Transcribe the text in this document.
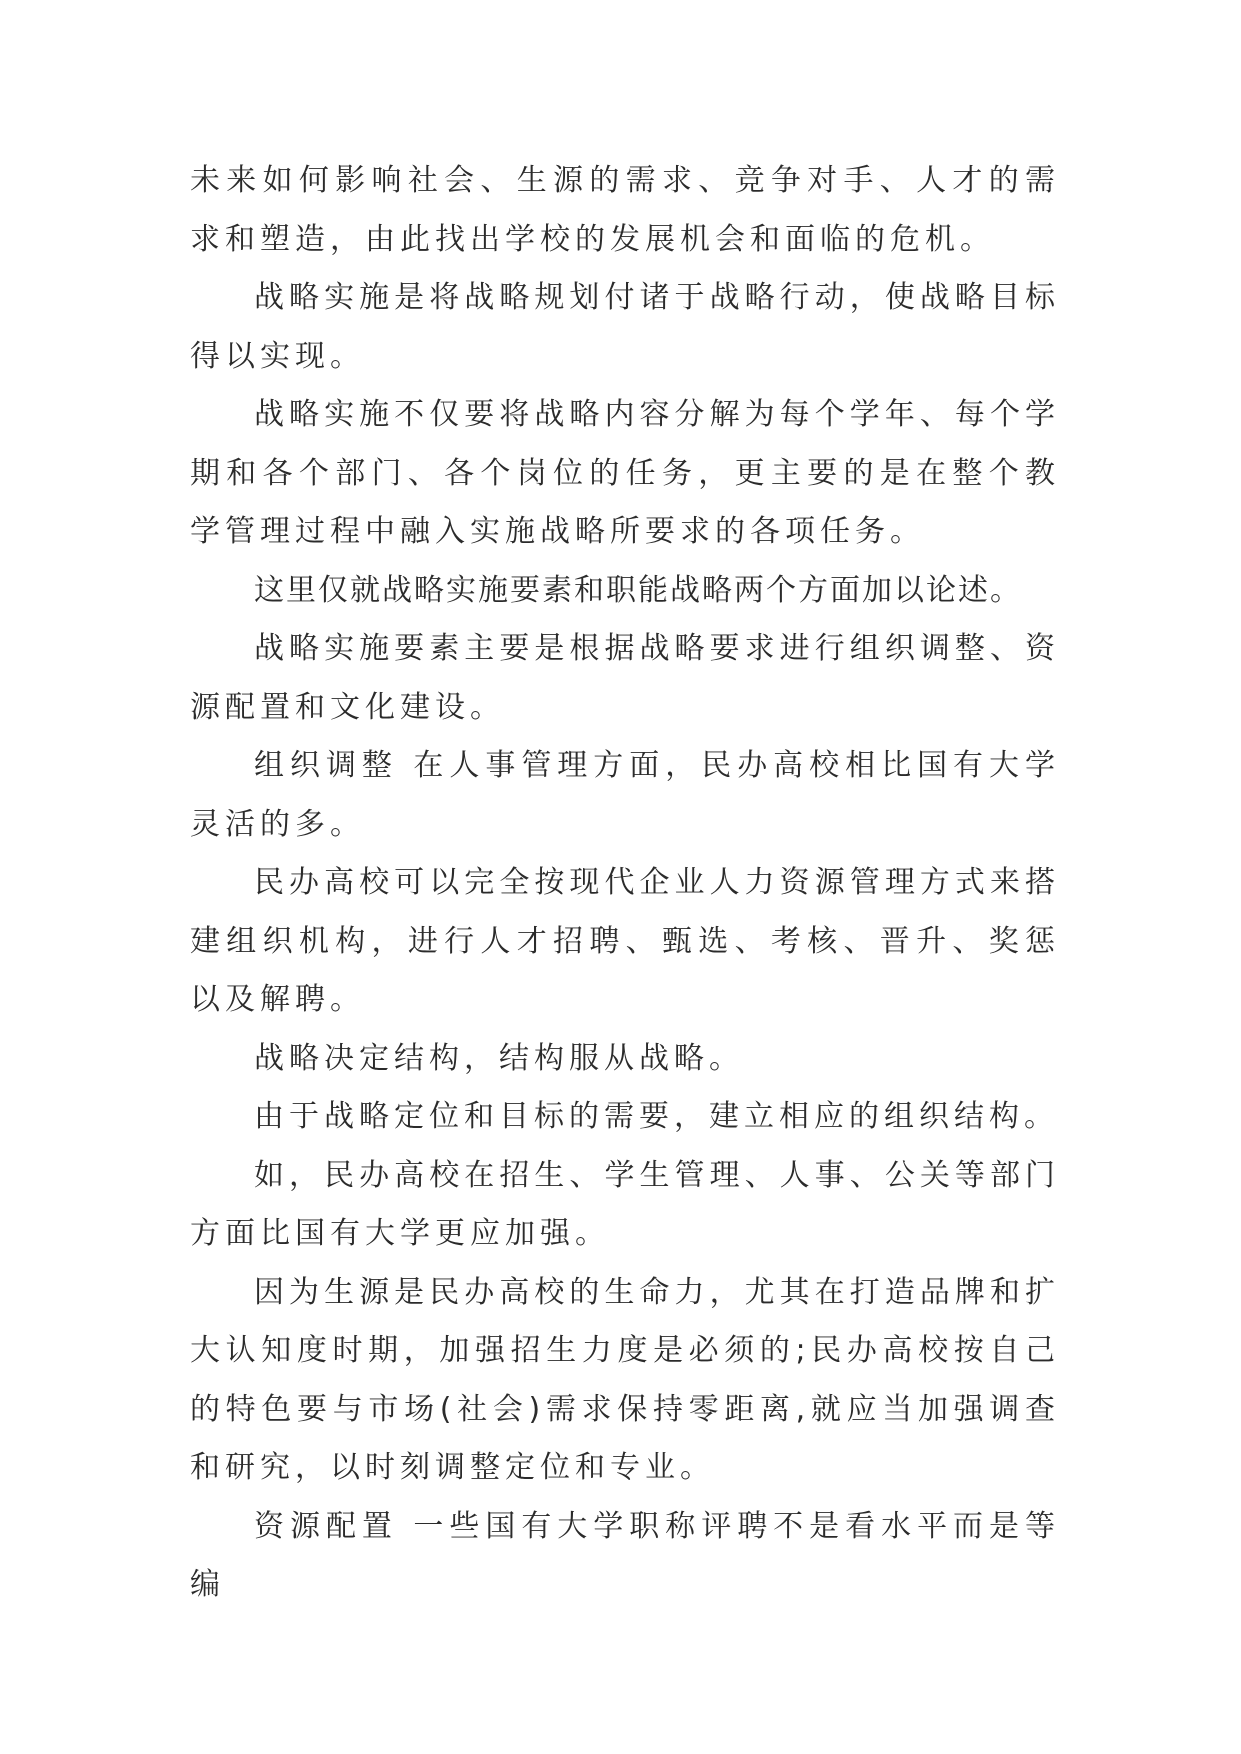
未来如何影响社会、生源的需求、竞争对手、人才的需求和塑造，由此找出学校的发展机会和面临的危机。

战略实施是将战略规划付诸于战略行动，使战略目标得以实现。

战略实施不仅要将战略内容分解为每个学年、每个学期和各个部门、各个岗位的任务，更主要的是在整个教学管理过程中融入实施战略所要求的各项任务。

这里仅就战略实施要素和职能战略两个方面加以论述。

战略实施要素主要是根据战略要求进行组织调整、资源配置和文化建设。

组织调整 在人事管理方面，民办高校相比国有大学灵活的多。

民办高校可以完全按现代企业人力资源管理方式来搭建组织机构，进行人才招聘、甄选、考核、晋升、奖惩以及解聘。

战略决定结构，结构服从战略。

由于战略定位和目标的需要，建立相应的组织结构。

如，民办高校在招生、学生管理、人事、公关等部门方面比国有大学更应加强。

因为生源是民办高校的生命力，尤其在打造品牌和扩大认知度时期，加强招生力度是必须的;民办高校按自己的特色要与市场(社会)需求保持零距离,就应当加强调查和研究，以时刻调整定位和专业。

资源配置 一些国有大学职称评聘不是看水平而是等编
